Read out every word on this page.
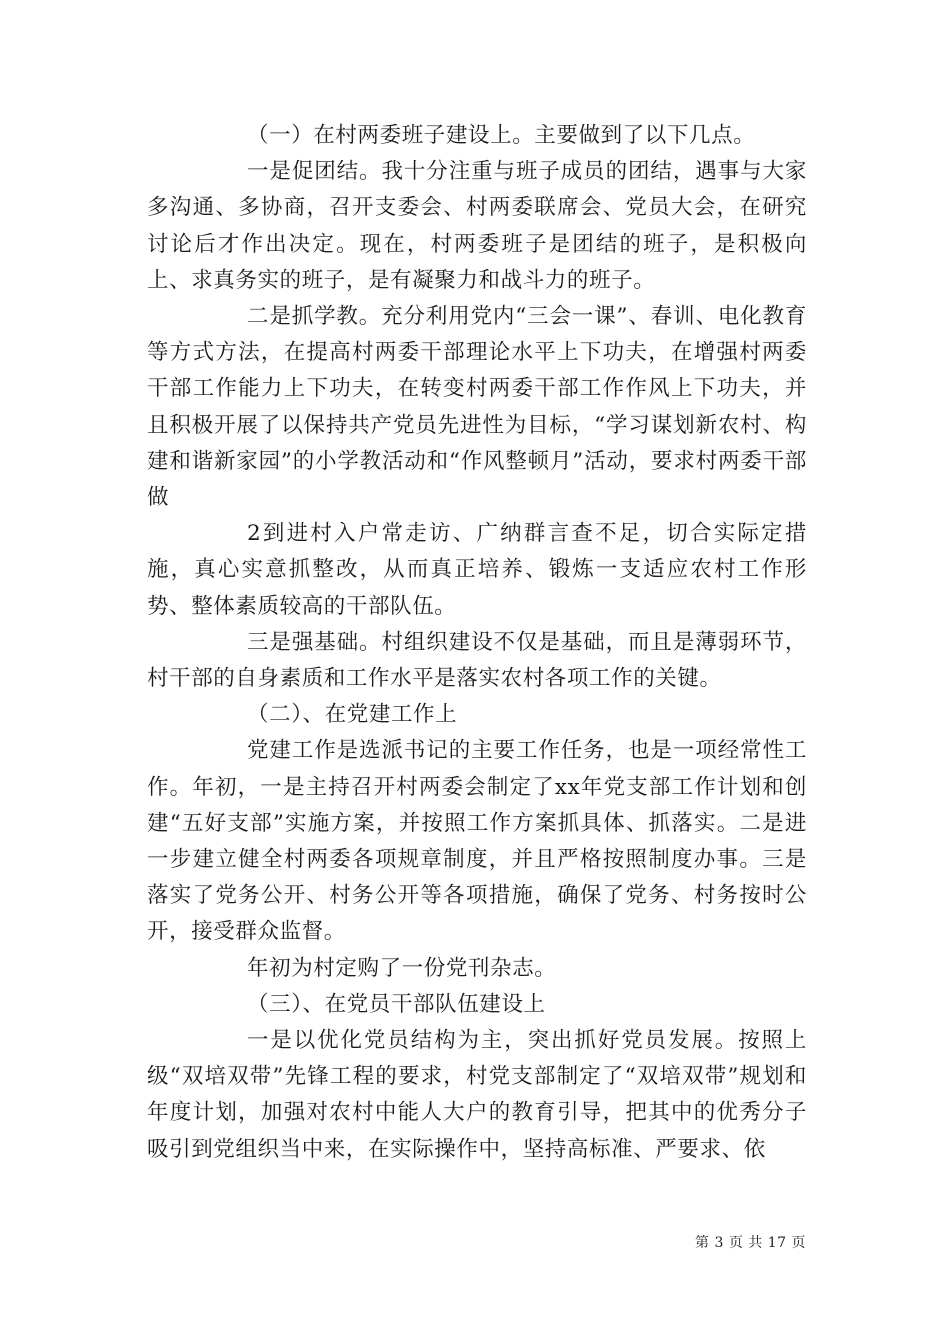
（一）在村两委班子建设上。主要做到了以下几点。

一是促团结。我十分注重与班子成员的团结，遇事与大家多沟通、多协商，召开支委会、村两委联席会、党员大会，在研究讨论后才作出决定。现在，村两委班子是团结的班子，是积极向上、求真务实的班子，是有凝聚力和战斗力的班子。

二是抓学教。充分利用党内“三会一课”、春训、电化教育等方式方法，在提高村两委干部理论水平上下功夫，在增强村两委干部工作能力上下功夫，在转变村两委干部工作作风上下功夫，并且积极开展了以保持共产党员先进性为目标，“学习谋划新农村、构建和谐新家园”的小学教活动和“作风整顿月”活动，要求村两委干部做

2到进村入户常走访、广纳群言查不足，切合实际定措施，真心实意抓整改，从而真正培养、锻炼一支适应农村工作形势、整体素质较高的干部队伍。

三是强基础。村组织建设不仅是基础，而且是薄弱环节，村干部的自身素质和工作水平是落实农村各项工作的关键。

（二）、在党建工作上

党建工作是选派书记的主要工作任务，也是一项经常性工作。年初，一是主持召开村两委会制定了xx年党支部工作计划和创建“五好支部”实施方案，并按照工作方案抓具体、抓落实。二是进一步建立健全村两委各项规章制度，并且严格按照制度办事。三是落实了党务公开、村务公开等各项措施，确保了党务、村务按时公开，接受群众监督。

年初为村定购了一份党刊杂志。

（三）、在党员干部队伍建设上

一是以优化党员结构为主，突出抓好党员发展。按照上级“双培双带”先锋工程的要求，村党支部制定了“双培双带”规划和年度计划，加强对农村中能人大户的教育引导，把其中的优秀分子吸引到党组织当中来，在实际操作中，坚持高标准、严要求、依

第 3 页 共 17 页
